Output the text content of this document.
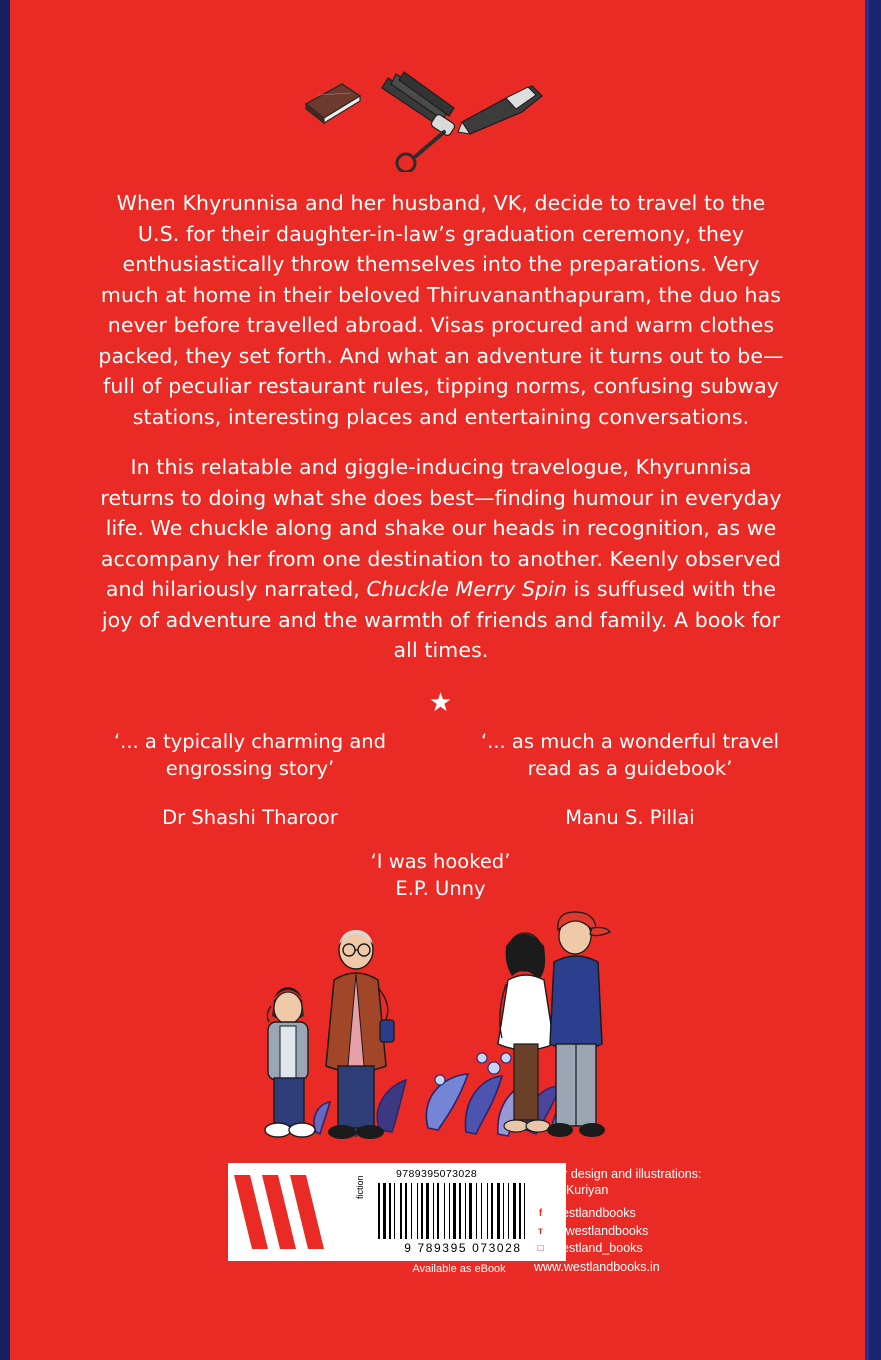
When Khyrunnisa and her husband, VK, decide to travel to the U.S. for their daughter-in-law’s graduation ceremony, they enthusiastically throw themselves into the preparations. Very much at home in their beloved Thiruvananthapuram, the duo has never before travelled abroad. Visas procured and warm clothes packed, they set forth. And what an adventure it turns out to be—full of peculiar restaurant rules, tipping norms, confusing subway stations, interesting places and entertaining conversations.

In this relatable and giggle-inducing travelogue, Khyrunnisa returns to doing what she does best—finding humour in everyday life. We chuckle along and shake our heads in recognition, as we accompany her from one destination to another. Keenly observed and hilariously narrated, Chuckle Merry Spin is suffused with the joy of adventure and the warmth of friends and family. A book for all times.

★
‘... a typically charming and engrossing story’
Dr Shashi Tharoor
‘... as much a wonderful travel read as a guidebook’
Manu S. Pillai
‘I was hooked’
E.P. Unny
9789395073028
fiction
9 789395 073028
Available as eBook
Cover design and illustrations:
Priya Kuriyan
f westlandbooks
ᴛ @westlandbooks
□ westland_books
www.westlandbooks.in
